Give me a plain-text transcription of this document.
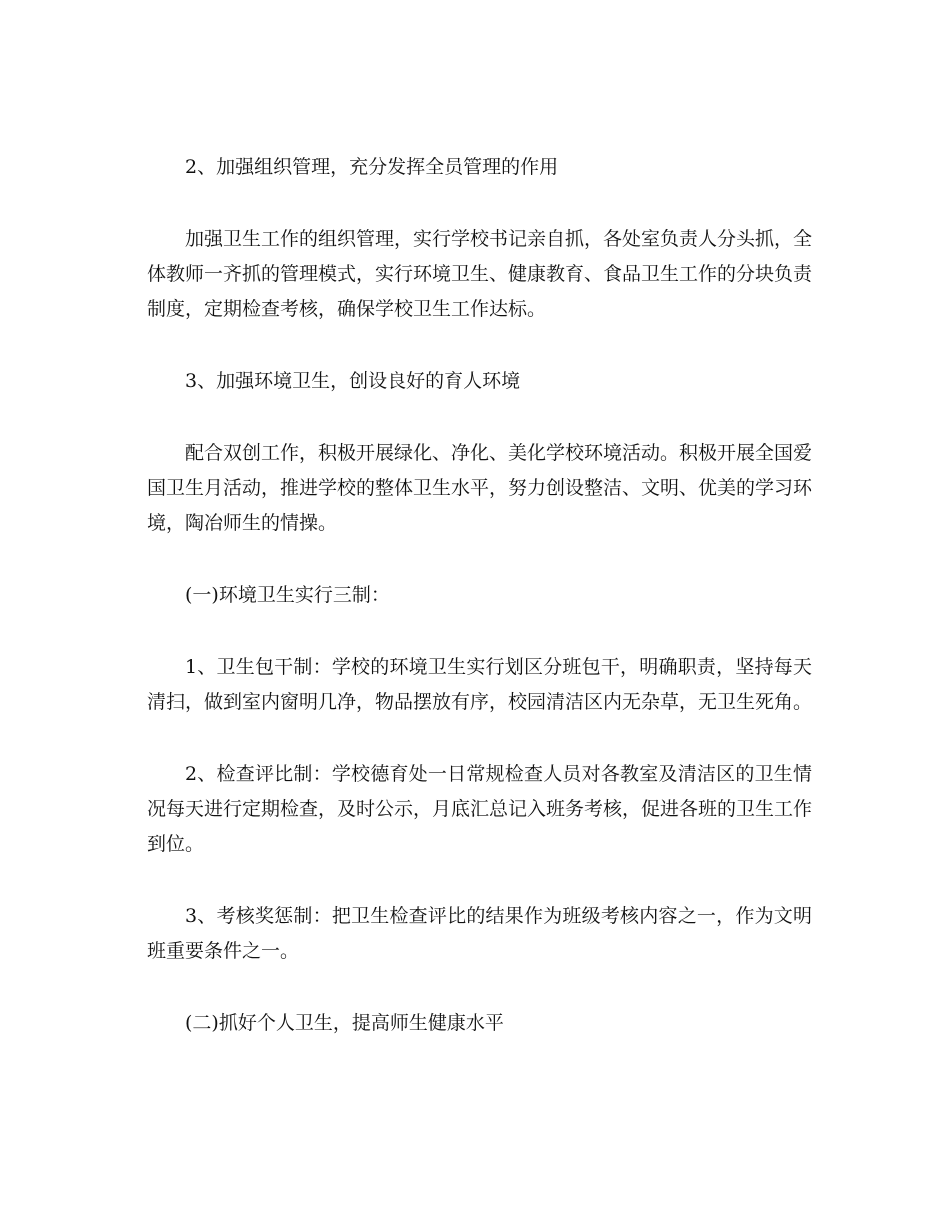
2、加强组织管理，充分发挥全员管理的作用

加强卫生工作的组织管理，实行学校书记亲自抓，各处室负责人分头抓，全体教师一齐抓的管理模式，实行环境卫生、健康教育、食品卫生工作的分块负责制度，定期检查考核，确保学校卫生工作达标。

3、加强环境卫生，创设良好的育人环境

配合双创工作，积极开展绿化、净化、美化学校环境活动。积极开展全国爱国卫生月活动，推进学校的整体卫生水平，努力创设整洁、文明、优美的学习环境，陶冶师生的情操。

(一)环境卫生实行三制：

1、卫生包干制：学校的环境卫生实行划区分班包干，明确职责，坚持每天清扫，做到室内窗明几净，物品摆放有序，校园清洁区内无杂草，无卫生死角。

2、检查评比制：学校德育处一日常规检查人员对各教室及清洁区的卫生情况每天进行定期检查，及时公示，月底汇总记入班务考核，促进各班的卫生工作到位。

3、考核奖惩制：把卫生检查评比的结果作为班级考核内容之一，作为文明班重要条件之一。

(二)抓好个人卫生，提高师生健康水平
